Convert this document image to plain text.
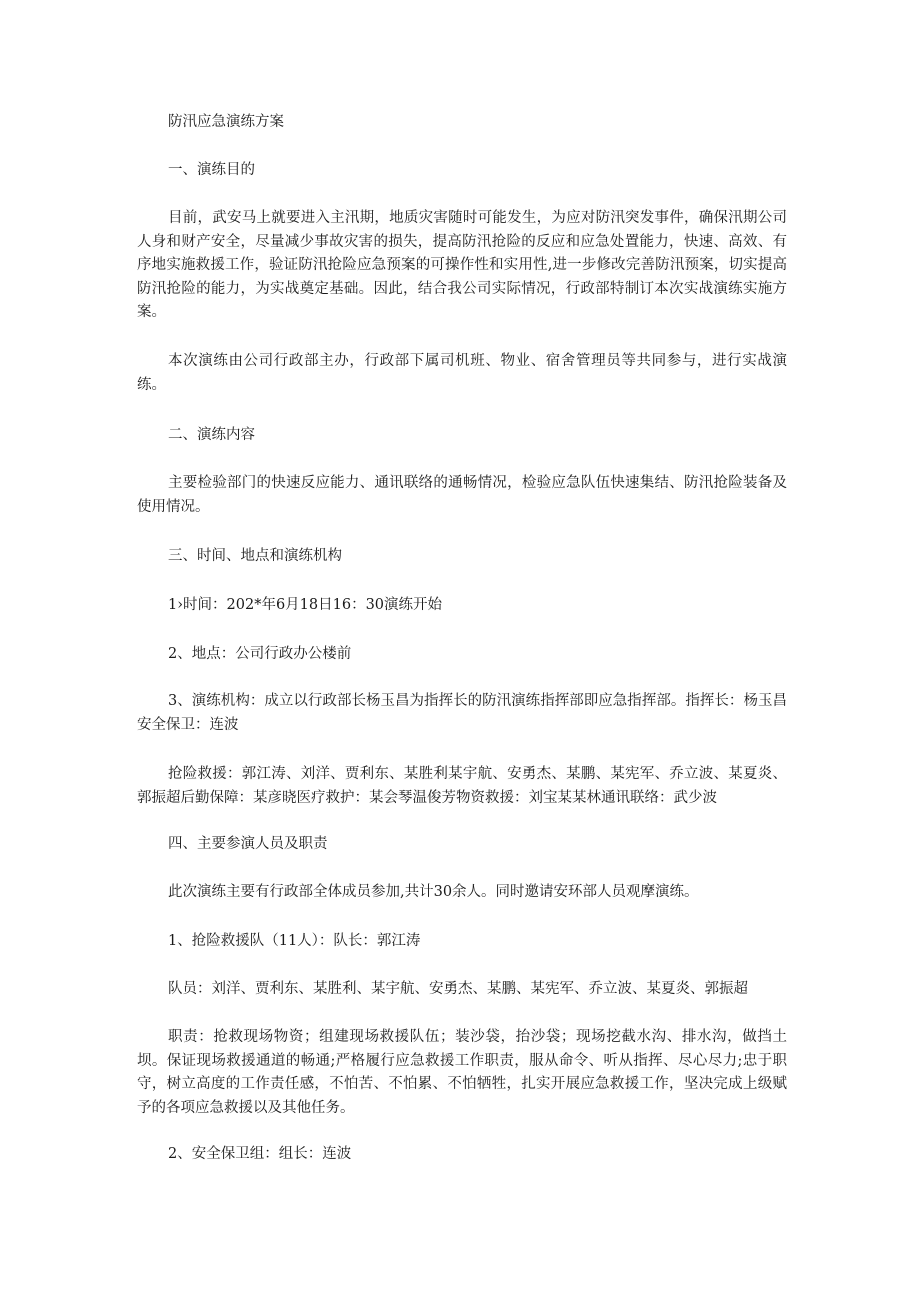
防汛应急演练方案

一、演练目的

目前，武安马上就要进入主汛期，地质灾害随时可能发生，为应对防汛突发事件，确保汛期公司人身和财产安全，尽量减少事故灾害的损失，提高防汛抢险的反应和应急处置能力，快速、高效、有序地实施救援工作，验证防汛抢险应急预案的可操作性和实用性,进一步修改完善防汛预案，切实提高防汛抢险的能力，为实战奠定基础。因此，结合我公司实际情况，行政部特制订本次实战演练实施方案。

本次演练由公司行政部主办，行政部下属司机班、物业、宿舍管理员等共同参与，进行实战演练。

二、演练内容

主要检验部门的快速反应能力、通讯联络的通畅情况，检验应急队伍快速集结、防汛抢险装备及使用情况。

三、时间、地点和演练机构

1›时间：202*年6月18日16：30演练开始

2、地点：公司行政办公楼前

3、演练机构：成立以行政部长杨玉昌为指挥长的防汛演练指挥部即应急指挥部。指挥长：杨玉昌安全保卫：连波

抢险救援：郭江涛、刘洋、贾利东、某胜利某宇航、安勇杰、某鹏、某宪军、乔立波、某夏炎、郭振超后勤保障：某彦晓医疗救护：某会琴温俊芳物资救援：刘宝某某林通讯联络：武少波

四、主要参演人员及职责

此次演练主要有行政部全体成员参加,共计30余人。同时邀请安环部人员观摩演练。

1、抢险救援队（11人）：队长：郭江涛

队员：刘洋、贾利东、某胜利、某宇航、安勇杰、某鹏、某宪军、乔立波、某夏炎、郭振超

职责：抢救现场物资；组建现场救援队伍；装沙袋，抬沙袋；现场挖截水沟、排水沟，做挡土坝。保证现场救援通道的畅通;严格履行应急救援工作职责，服从命令、听从指挥、尽心尽力;忠于职守，树立高度的工作责任感，不怕苦、不怕累、不怕牺牲，扎实开展应急救援工作，坚决完成上级赋予的各项应急救援以及其他任务。

2、安全保卫组：组长：连波
